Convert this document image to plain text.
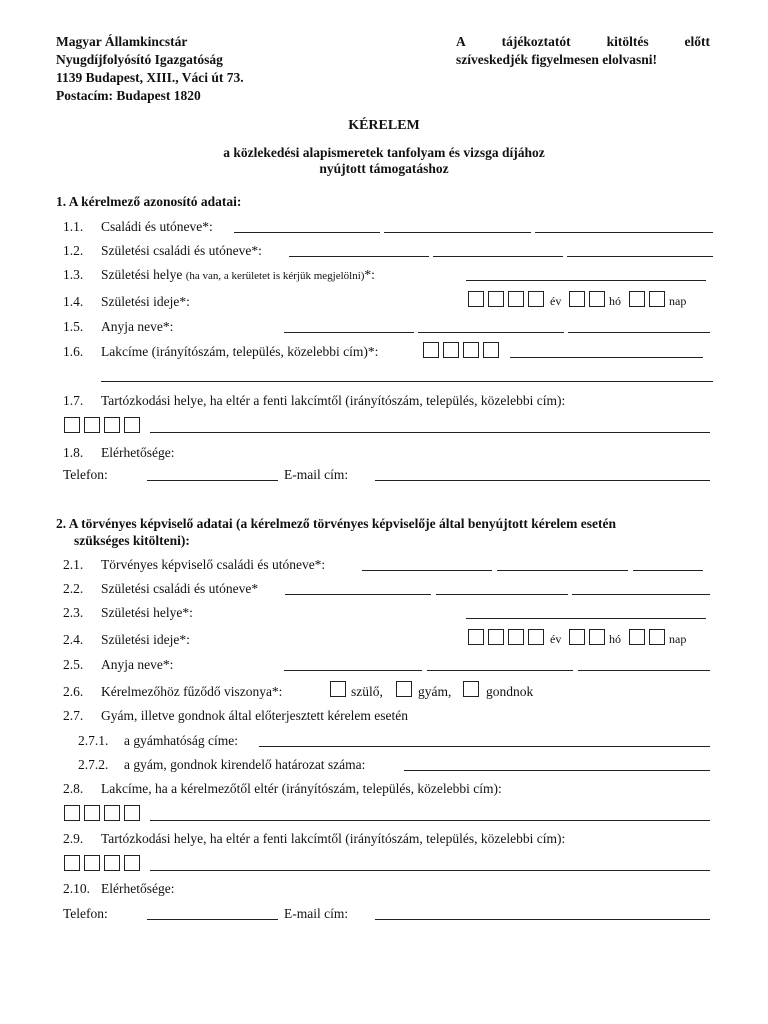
Magyar Államkincstár
Nyugdíjfolyósító Igazgatóság
1139 Budapest, XIII., Váci út 73.
Postacím: Budapest 1820
A	tájékoztatót	kitöltés	előtt
szíveskedjék figyelmesen elolvasni!
KÉRELEM
a közlekedési alapismeretek tanfolyam és vizsga díjához
nyújtott támogatáshoz
1. A kérelmező azonosító adatai:
1.1. Családi és utóneve*:
1.2. Születési családi és utóneve*:
1.3. Születési helye (ha van, a kerületet is kérjük megjelölni)*:
1.4. Születési ideje*:	év	hó	nap
1.5. Anyja neve*:
1.6. Lakcíme (irányítószám, település, közelebbi cím)*:
1.7. Tartózkodási helye, ha eltér a fenti lakcímtől (irányítószám, település, közelebbi cím):
1.8. Elérhetősége:
Telefon:	E-mail cím:
2. A törvényes képviselő adatai (a kérelmező törvényes képviselője által benyújtott kérelem esetén
szükséges kitölteni):
2.1. Törvényes képviselő családi és utóneve*:
2.2. Születési családi és utóneve*
2.3. Születési helye*:
2.4. Születési ideje*:	év	hó	nap
2.5. Anyja neve*:
2.6. Kérelmezőhöz fűződő viszonya*:	szülő,	gyám,	gondnok
2.7. Gyám, illetve gondnok által előterjesztett kérelem esetén
2.7.1. a gyámhatóság címe:
2.7.2. a gyám, gondnok kirendelő határozat száma:
2.8. Lakcíme, ha a kérelmezőtől eltér (irányítószám, település, közelebbi cím):
2.9. Tartózkodási helye, ha eltér a fenti lakcímtől (irányítószám, település, közelebbi cím):
2.10. Elérhetősége:
Telefon:	E-mail cím:
